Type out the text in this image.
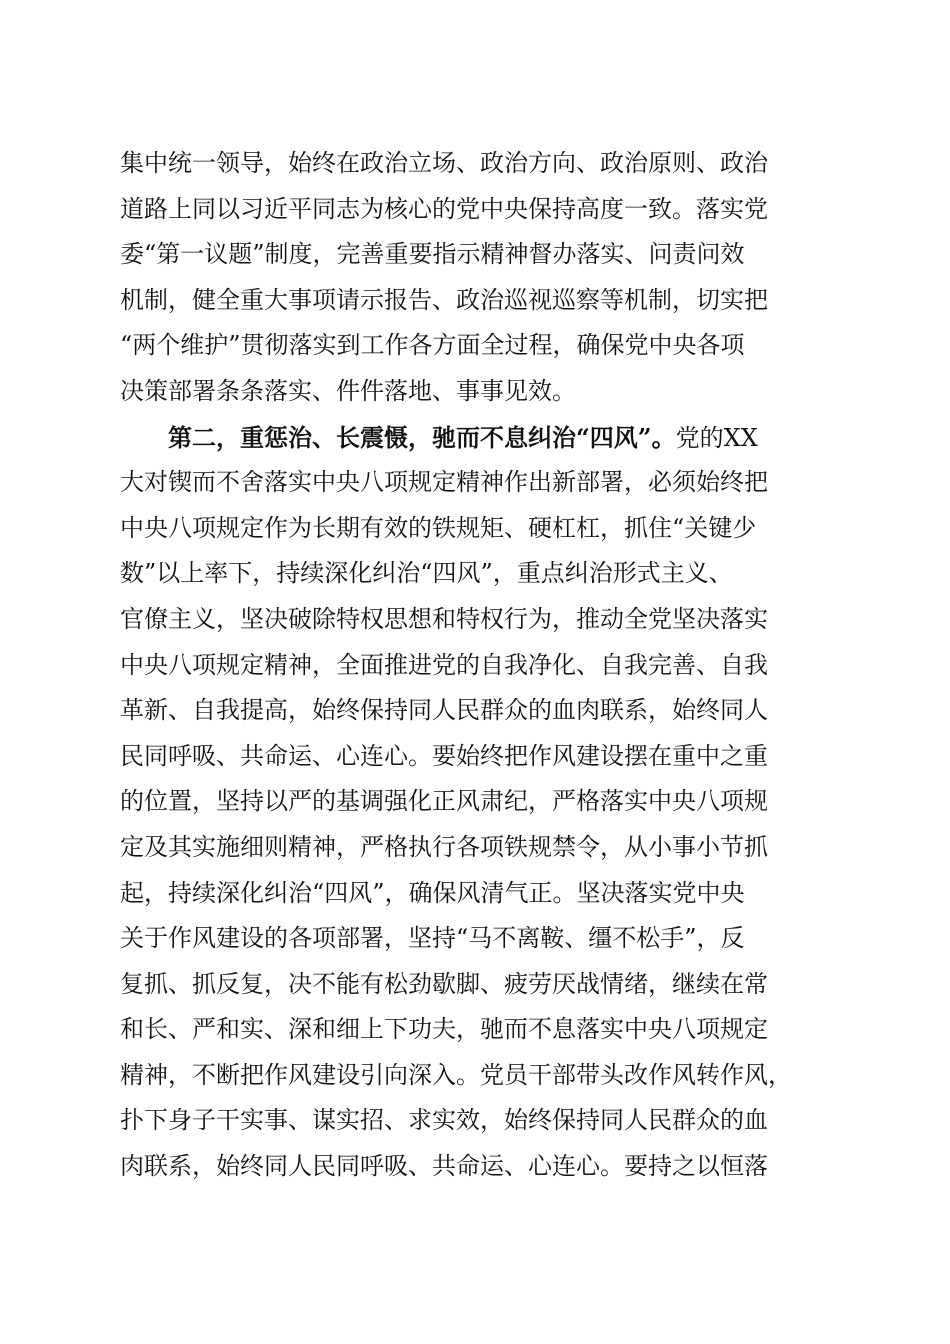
集中统一领导，始终在政治立场、政治方向、政治原则、政治
道路上同以习近平同志为核心的党中央保持高度一致。落实党
委“第一议题”制度，完善重要指示精神督办落实、问责问效
机制，健全重大事项请示报告、政治巡视巡察等机制，切实把
“两个维护”贯彻落实到工作各方面全过程，确保党中央各项
决策部署条条落实、件件落地、事事见效。
第二，重惩治、长震慑，驰而不息纠治“四风”。党的XX
大对锲而不舍落实中央八项规定精神作出新部署，必须始终把
中央八项规定作为长期有效的铁规矩、硬杠杠，抓住“关键少
数”以上率下，持续深化纠治“四风”，重点纠治形式主义、
官僚主义，坚决破除特权思想和特权行为，推动全党坚决落实
中央八项规定精神，全面推进党的自我净化、自我完善、自我
革新、自我提高，始终保持同人民群众的血肉联系，始终同人
民同呼吸、共命运、心连心。要始终把作风建设摆在重中之重
的位置，坚持以严的基调强化正风肃纪，严格落实中央八项规
定及其实施细则精神，严格执行各项铁规禁令，从小事小节抓
起，持续深化纠治“四风”，确保风清气正。坚决落实党中央
关于作风建设的各项部署，坚持“马不离鞍、缰不松手”，反
复抓、抓反复，决不能有松劲歇脚、疲劳厌战情绪，继续在常
和长、严和实、深和细上下功夫，驰而不息落实中央八项规定
精神，不断把作风建设引向深入。党员干部带头改作风转作风，
扑下身子干实事、谋实招、求实效，始终保持同人民群众的血
肉联系，始终同人民同呼吸、共命运、心连心。要持之以恒落
